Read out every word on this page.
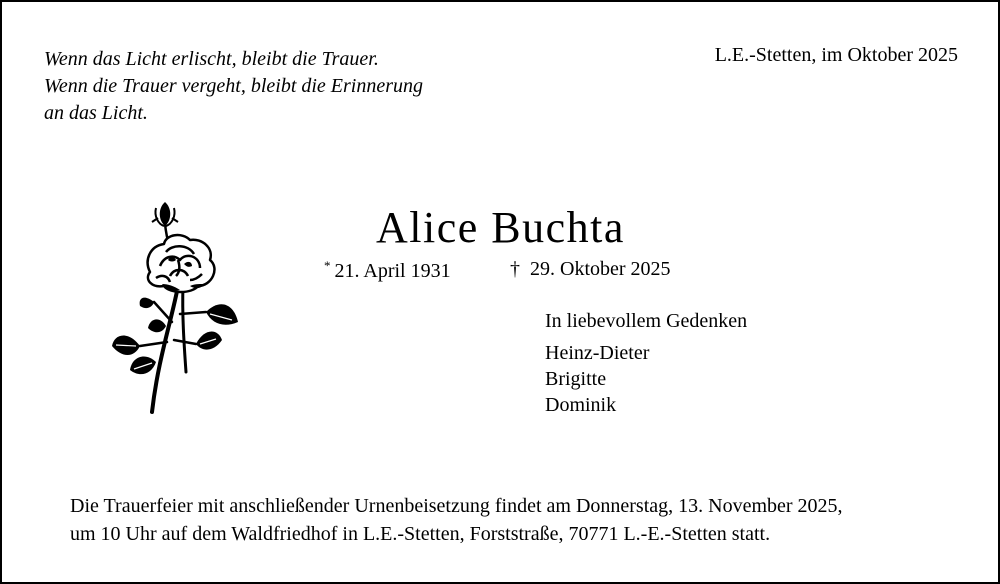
Wenn das Licht erlischt, bleibt die Trauer.
Wenn die Trauer vergeht, bleibt die Erinnerung
an das Licht.
L.E.-Stetten, im Oktober 2025
Alice Buchta
* 21. April 1931	† 29. Oktober 2025
In liebevollem Gedenken
Heinz-Dieter
Brigitte
Dominik
Die Trauerfeier mit anschließender Urnenbeisetzung findet am Donnerstag, 13. November 2025,
um 10 Uhr auf dem Waldfriedhof in L.E.-Stetten, Forststraße, 70771 L.-E.-Stetten statt.
